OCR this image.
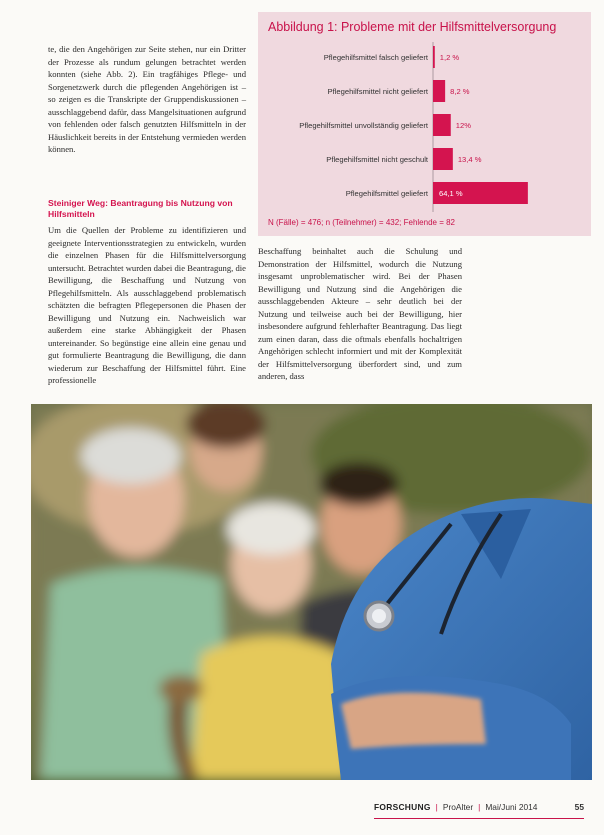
te, die den Angehörigen zur Seite stehen, nur ein Dritter der Prozesse als rundum gelungen betrachtet werden konnten (siehe Abb. 2). Ein tragfähiges Pflege- und Sorgenetzwerk durch die pflegenden Angehörigen ist – so zeigen es die Transkripte der Gruppendiskussionen – ausschlaggebend dafür, dass Mangelsituationen aufgrund von fehlenden oder falsch genutzten Hilfsmitteln in der Häuslichkeit bereits in der Entstehung vermieden werden können.

Steiniger Weg: Beantragung bis Nutzung von Hilfsmitteln

Um die Quellen der Probleme zu identifizieren und geeignete Interventionsstrategien zu entwickeln, wurden die einzelnen Phasen für die Hilfsmittelversorgung untersucht. Betrachtet wurden dabei die Beantragung, die Bewilligung, die Beschaffung und Nutzung von Pflegehilfsmitteln. Als ausschlaggebend problematisch schätzten die befragten Pflegepersonen die Phasen der Bewilligung und Nutzung ein. Nachweislich war außerdem eine starke Abhängigkeit der Phasen untereinander. So begünstige eine allein eine genau und gut formulierte Beantragung die Bewilligung, die dann wiederum zur Beschaffung der Hilfsmittel führt. Eine professionelle

Beschaffung beinhaltet auch die Schulung und Demonstration der Hilfsmittel, wodurch die Nutzung insgesamt unproblematischer wird. Bei der Phasen Bewilligung und Nutzung sind die Angehörigen die ausschlaggebenden Akteure – sehr deutlich bei der Nutzung und teilweise auch bei der Bewilligung, hier insbesondere aufgrund fehlerhafter Beantragung. Das liegt zum einen daran, dass die oftmals ebenfalls hochaltrigen Angehörigen schlecht informiert und mit der Komplexität der Hilfsmittelversorgung überfordert sind, und zum anderen, dass

Pflegehilfsmittel falsch geliefert 1,2 %
Pflegehilfsmittel nicht geliefert	8,2 %
Pflegehilfsmittel unvollständig geliefert	12%
Pflegehilfsmittel nicht geschult	13,4 %
Pflegehilfsmittel geliefert 64,1 %
Abbildung 1: Probleme mit der Hilfsmittelversorgung
N (Fälle) = 476; n (Teilnehmer) = 432; Fehlende = 82
FORSCHUNG | ProAlter | Mai/Juni 2014	55
